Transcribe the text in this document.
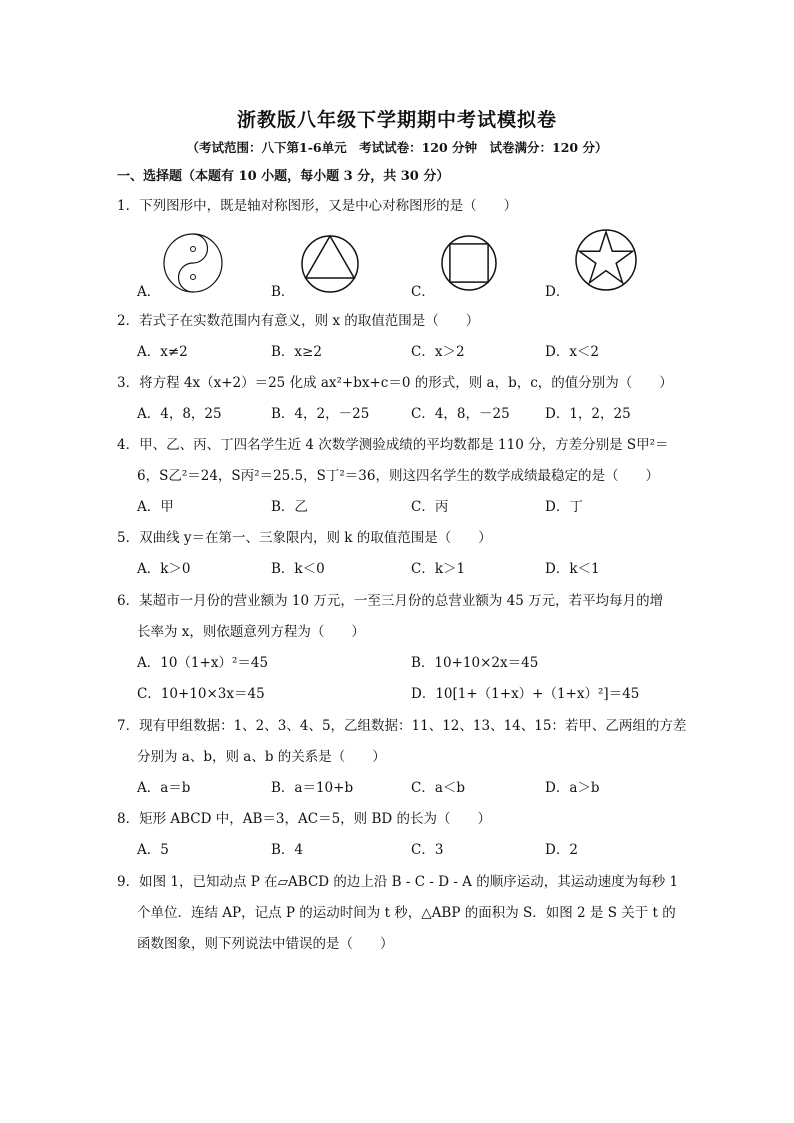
浙教版八年级下学期期中考试模拟卷
（考试范围：八下第1-6单元　考试试卷：120 分钟　试卷满分：120 分）
一、选择题（本题有 10 小题，每小题 3 分，共 30 分）
1．下列图形中，既是轴对称图形，又是中心对称图形的是（　　）
A．	B．	C．	D．
2．若式子在实数范围内有意义，则 x 的取值范围是（　　）
A．x≠2	B．x≥2	C．x＞2	D．x＜2
3．将方程 4x（x+2）＝25 化成 ax²+bx+c＝0 的形式，则 a，b，c，的值分别为（　　）
A．4，8，25	B．4，2，－25	C．4，8，－25	D．1，2，25
4．甲、乙、丙、丁四名学生近 4 次数学测验成绩的平均数都是 110 分，方差分别是 S甲²＝
6，S乙²＝24，S丙²＝25.5，S丁²＝36，则这四名学生的数学成绩最稳定的是（　　）
A．甲	B．乙	C．丙	D．丁
5．双曲线 y＝在第一、三象限内，则 k 的取值范围是（　　）
A．k＞0	B．k＜0	C．k＞1	D．k＜1
6．某超市一月份的营业额为 10 万元，一至三月份的总营业额为 45 万元，若平均每月的增
长率为 x，则依题意列方程为（　　）
A．10（1+x）²＝45	B．10+10×2x＝45
C．10+10×3x＝45	D．10[1+（1+x）+（1+x）²]＝45
7．现有甲组数据：1、2、3、4、5，乙组数据：11、12、13、14、15：若甲、乙两组的方差
分别为 a、b，则 a、b 的关系是（　　）
A．a＝b	B．a＝10+b	C．a＜b	D．a＞b
8．矩形 ABCD 中，AB＝3，AC＝5，则 BD 的长为（　　）
A．5	B．4	C．3	D．2
9．如图 1，已知动点 P 在▱ABCD 的边上沿 B - C - D - A 的顺序运动，其运动速度为每秒 1
个单位．连结 AP，记点 P 的运动时间为 t 秒，△ABP 的面积为 S．如图 2 是 S 关于 t 的
函数图象，则下列说法中错误的是（　　）
